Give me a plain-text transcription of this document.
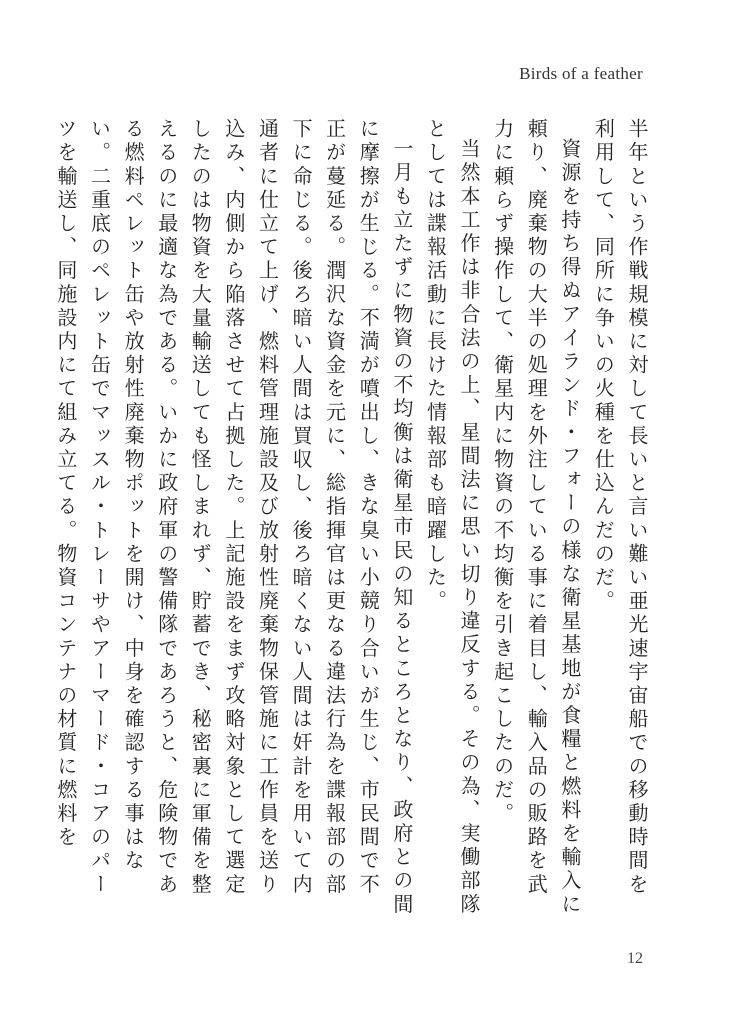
Birds of a feather

半年という作戦規模に対して長いと言い難い亜光速宇宙船での移動時間を利用して、同所に争いの火種を仕込んだのだ。

資源を持ち得ぬアイランド・フォーの様な衛星基地が食糧と燃料を輸入に頼り、廃棄物の大半の処理を外注している事に着目し、輸入品の販路を武力に頼らず操作して、衛星内に物資の不均衡を引き起こしたのだ。

当然本工作は非合法の上、星間法に思い切り違反する。その為、実働部隊としては諜報活動に長けた情報部も暗躍した。

一月も立たずに物資の不均衡は衛星市民の知るところとなり、政府との間に摩擦が生じる。不満が噴出し、きな臭い小競り合いが生じ、市民間で不正が蔓延る。潤沢な資金を元に、総指揮官は更なる違法行為を諜報部の部下に命じる。後ろ暗い人間は買収し、後ろ暗くない人間は奸計を用いて内通者に仕立て上げ、燃料管理施設及び放射性廃棄物保管施に工作員を送り込み、内側から陥落させて占拠した。上記施設をまず攻略対象として選定したのは物資を大量輸送しても怪しまれず、貯蓄でき、秘密裏に軍備を整えるのに最適な為である。いかに政府軍の警備隊であろうと、危険物である燃料ペレット缶や放射性廃棄物ポットを開け、中身を確認する事はない。二重底のペレット缶でマッスル・トレーサやアーマード・コアのパーツを輸送し、同施設内にて組み立てる。物資コンテナの材質に燃料を

12
